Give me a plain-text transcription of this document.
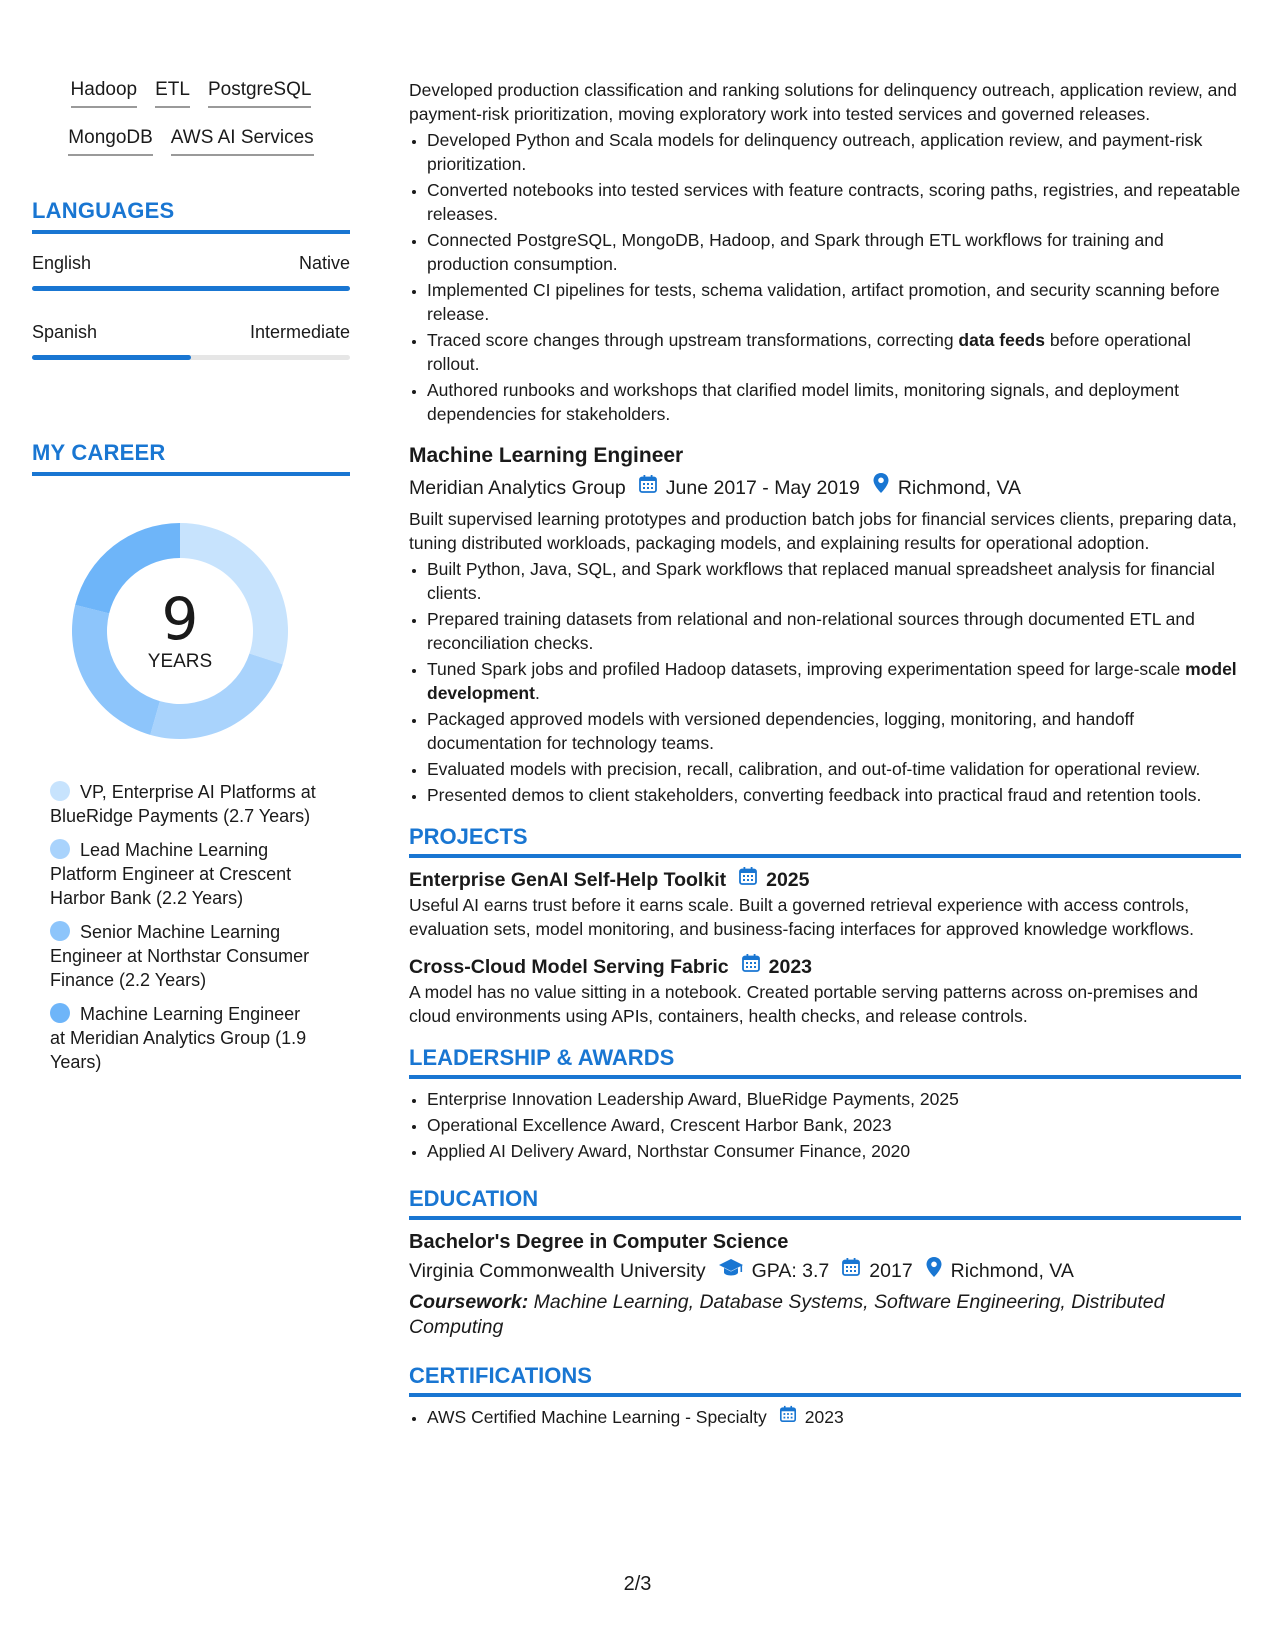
Hadoop ETL PostgreSQL
MongoDB AWS AI Services
LANGUAGES
English	Native
Spanish	Intermediate
MY CAREER
9
YEARS
VP, Enterprise AI Platforms at BlueRidge Payments (2.7 Years)
Lead Machine Learning Platform Engineer at Crescent Harbor Bank (2.2 Years)
Senior Machine Learning Engineer at Northstar Consumer Finance (2.2 Years)
Machine Learning Engineer at Meridian Analytics Group (1.9 Years)

Developed production classification and ranking solutions for delinquency outreach, application review, and payment-risk prioritization, moving exploratory work into tested services and governed releases.

• Developed Python and Scala models for delinquency outreach, application review, and payment-risk prioritization.
• Converted notebooks into tested services with feature contracts, scoring paths, registries, and repeatable releases.
• Connected PostgreSQL, MongoDB, Hadoop, and Spark through ETL workflows for training and production consumption.
• Implemented CI pipelines for tests, schema validation, artifact promotion, and security scanning before release.
• Traced score changes through upstream transformations, correcting data feeds before operational rollout.
• Authored runbooks and workshops that clarified model limits, monitoring signals, and deployment dependencies for stakeholders.
Machine Learning Engineer
Meridian Analytics Group June 2017 - May 2019 Richmond, VA

Built supervised learning prototypes and production batch jobs for financial services clients, preparing data, tuning distributed workloads, packaging models, and explaining results for operational adoption.

• Built Python, Java, SQL, and Spark workflows that replaced manual spreadsheet analysis for financial clients.
• Prepared training datasets from relational and non-relational sources through documented ETL and reconciliation checks.
• Tuned Spark jobs and profiled Hadoop datasets, improving experimentation speed for large-scale model development.
• Packaged approved models with versioned dependencies, logging, monitoring, and handoff documentation for technology teams.
• Evaluated models with precision, recall, calibration, and out-of-time validation for operational review.
• Presented demos to client stakeholders, converting feedback into practical fraud and retention tools.
PROJECTS
Enterprise GenAI Self-Help Toolkit 2025

Useful AI earns trust before it earns scale. Built a governed retrieval experience with access controls, evaluation sets, model monitoring, and business-facing interfaces for approved knowledge workflows.

Cross-Cloud Model Serving Fabric 2023

A model has no value sitting in a notebook. Created portable serving patterns across on-premises and cloud environments using APIs, containers, health checks, and release controls.

LEADERSHIP & AWARDS
• Enterprise Innovation Leadership Award, BlueRidge Payments, 2025
• Operational Excellence Award, Crescent Harbor Bank, 2023
• Applied AI Delivery Award, Northstar Consumer Finance, 2020
EDUCATION
Bachelor's Degree in Computer Science
Virginia Commonwealth University GPA: 3.7 2017 Richmond, VA
Coursework: Machine Learning, Database Systems, Software Engineering, Distributed Computing
CERTIFICATIONS
• AWS Certified Machine Learning - Specialty 2023
2/3
